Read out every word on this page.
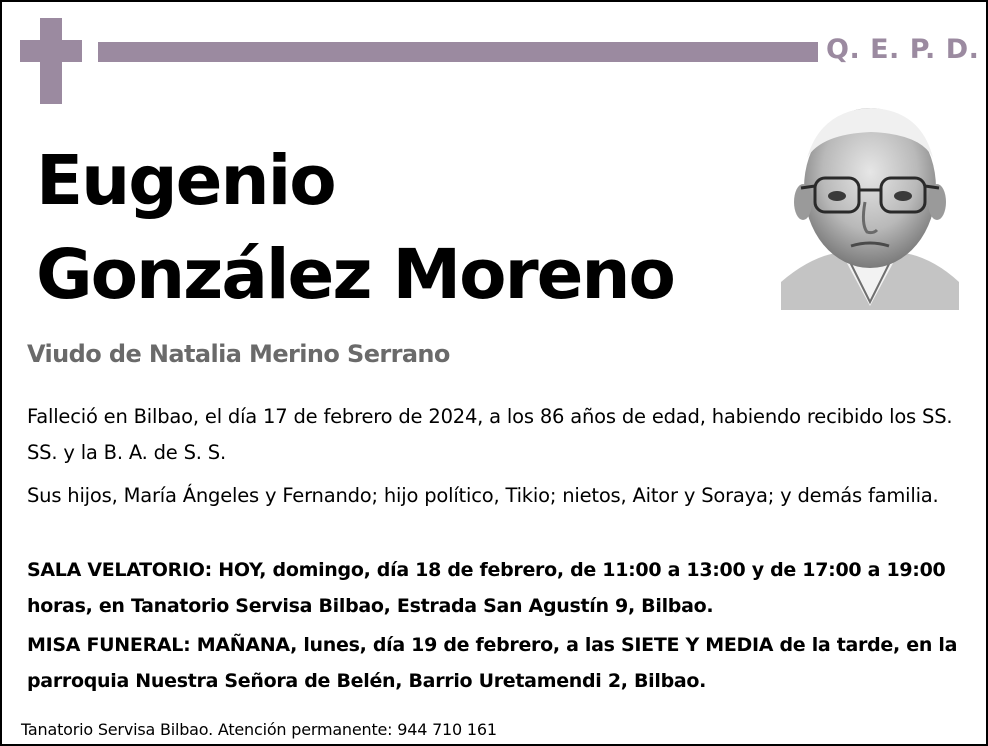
Q. E. P. D.
Eugenio
González Moreno
Viudo de Natalia Merino Serrano
Falleció en Bilbao, el día 17 de febrero de 2024, a los 86 años de edad, habiendo recibido los SS. SS. y la B. A. de S. S.
Sus hijos, María Ángeles y Fernando; hijo político, Tikio; nietos, Aitor y Soraya; y demás familia.
SALA VELATORIO: HOY, domingo, día 18 de febrero, de 11:00 a 13:00 y de 17:00 a 19:00 horas, en Tanatorio Servisa Bilbao, Estrada San Agustín 9, Bilbao.
MISA FUNERAL: MAÑANA, lunes, día 19 de febrero, a las SIETE Y MEDIA de la tarde, en la parroquia Nuestra Señora de Belén, Barrio Uretamendi 2, Bilbao.
Tanatorio Servisa Bilbao. Atención permanente: 944 710 161
